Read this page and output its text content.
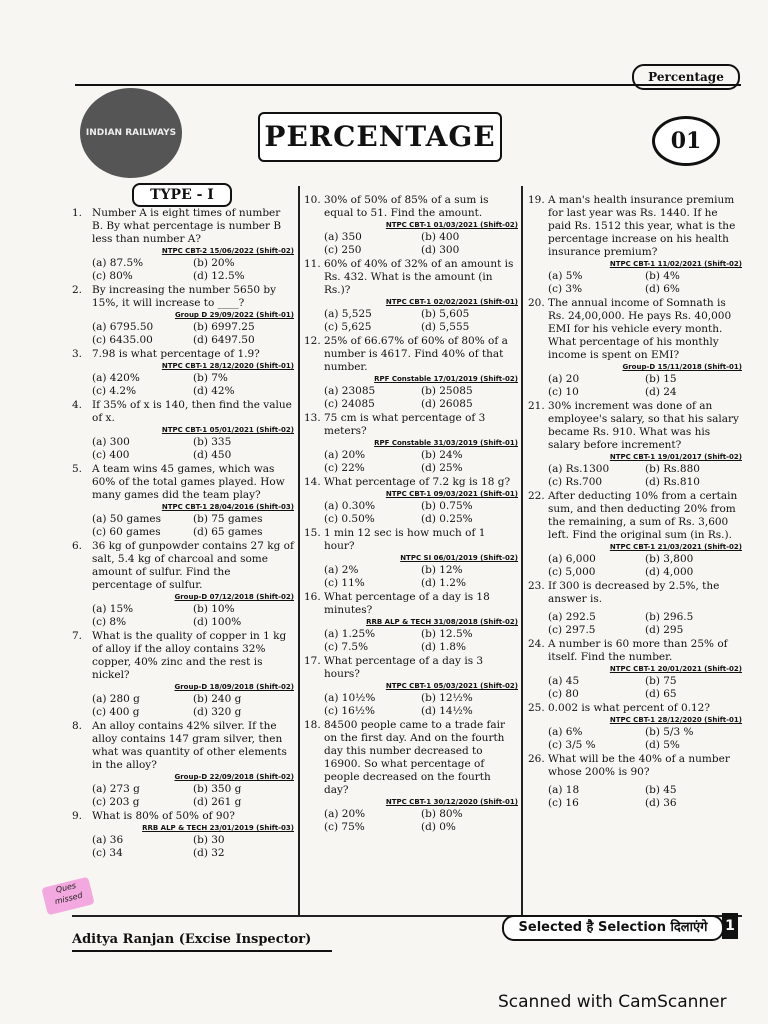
Percentage
INDIAN RAILWAYS	PERCENTAGE	01
TYPE - I
1. Number A is eight times of number B. By what percentage is number B less than number A?
NTPC CBT-2 15/06/2022 (Shift-02)
(a) 87.5%	(b) 20%
(c) 80%	(d) 12.5%
2. By increasing the number 5650 by 15%, it will increase to ____?
Group D 29/09/2022 (Shift-01)
(a) 6795.50	(b) 6997.25
(c) 6435.00	(d) 6497.50
3. 7.98 is what percentage of 1.9?
NTPC CBT-1 28/12/2020 (Shift-01)
(a) 420%	(b) 7%
(c) 4.2%	(d) 42%
4. If 35% of x is 140, then find the value of x.
NTPC CBT-1 05/01/2021 (Shift-02)
(a) 300	(b) 335
(c) 400	(d) 450
5. A team wins 45 games, which was 60% of the total games played. How many games did the team play?
NTPC CBT-1 28/04/2016 (Shift-03)
(a) 50 games	(b) 75 games
(c) 60 games	(d) 65 games
6. 36 kg of gunpowder contains 27 kg of salt, 5.4 kg of charcoal and some amount of sulfur. Find the percentage of sulfur.
Group-D 07/12/2018 (Shift-02)
(a) 15%	(b) 10%
(c) 8%	(d) 100%
7. What is the quality of copper in 1 kg of alloy if the alloy contains 32% copper, 40% zinc and the rest is nickel?
Group-D 18/09/2018 (Shift-02)
(a) 280 g	(b) 240 g
(c) 400 g	(d) 320 g
8. An alloy contains 42% silver. If the alloy contains 147 gram silver, then what was quantity of other elements in the alloy?
Group-D 22/09/2018 (Shift-02)
(a) 273 g	(b) 350 g
(c) 203 g	(d) 261 g
9. What is 80% of 50% of 90?
RRB ALP & TECH 23/01/2019 (Shift-03)
(a) 36	(b) 30
(c) 34	(d) 32
10. 30% of 50% of 85% of a sum is equal to 51. Find the amount.
NTPC CBT-1 01/03/2021 (Shift-02)
(a) 350	(b) 400
(c) 250	(d) 300
11. 60% of 40% of 32% of an amount is Rs. 432. What is the amount (in Rs.)?
NTPC CBT-1 02/02/2021 (Shift-01)
(a) 5,525	(b) 5,605
(c) 5,625	(d) 5,555
12. 25% of 66.67% of 60% of 80% of a number is 4617. Find 40% of that number.
RPF Constable 17/01/2019 (Shift-02)
(a) 23085	(b) 25085
(c) 24085	(d) 26085
13. 75 cm is what percentage of 3 meters?
RPF Constable 31/03/2019 (Shift-01)
(a) 20%	(b) 24%
(c) 22%	(d) 25%
14. What percentage of 7.2 kg is 18 g?
NTPC CBT-1 09/03/2021 (Shift-01)
(a) 0.30%	(b) 0.75%
(c) 0.50%	(d) 0.25%
15. 1 min 12 sec is how much of 1 hour?
NTPC SI 06/01/2019 (Shift-02)
(a) 2%	(b) 12%
(c) 11%	(d) 1.2%
16. What percentage of a day is 18 minutes?
RRB ALP & TECH 31/08/2018 (Shift-02)
(a) 1.25%	(b) 12.5%
(c) 7.5%	(d) 1.8%
17. What percentage of a day is 3 hours?
NTPC CBT-1 05/03/2021 (Shift-02)
(a) 10½%	(b) 12½%
(c) 16½%	(d) 14½%
18. 84500 people came to a trade fair on the first day. And on the fourth day this number decreased to 16900. So what percentage of people decreased on the fourth day?
NTPC CBT-1 30/12/2020 (Shift-01)
(a) 20%	(b) 80%
(c) 75%	(d) 0%
19. A man's health insurance premium for last year was Rs. 1440. If he paid Rs. 1512 this year, what is the percentage increase on his health insurance premium?
NTPC CBT-1 11/02/2021 (Shift-02)
(a) 5%	(b) 4%
(c) 3%	(d) 6%
20. The annual income of Somnath is Rs. 24,00,000. He pays Rs. 40,000 EMI for his vehicle every month. What percentage of his monthly income is spent on EMI?
Group-D 15/11/2018 (Shift-01)
(a) 20	(b) 15
(c) 10	(d) 24
21. 30% increment was done of an employee's salary, so that his salary became Rs. 910. What was his salary before increment?
NTPC CBT-1 19/01/2017 (Shift-02)
(a) Rs.1300	(b) Rs.880
(c) Rs.700	(d) Rs.810
22. After deducting 10% from a certain sum, and then deducting 20% from the remaining, a sum of Rs. 3,600 left. Find the original sum (in Rs.).
NTPC CBT-1 21/03/2021 (Shift-02)
(a) 6,000	(b) 3,800
(c) 5,000	(d) 4,000
23. If 300 is decreased by 2.5%, the answer is.
(a) 292.5	(b) 296.5
(c) 297.5	(d) 295
24. A number is 60 more than 25% of itself. Find the number.
NTPC CBT-1 20/01/2021 (Shift-02)
(a) 45	(b) 75
(c) 80	(d) 65
25. 0.002 is what percent of 0.12?
NTPC CBT-1 28/12/2020 (Shift-01)
(a) 6%	(b) 5/3 %
(c) 3/5 %	(d) 5%
26. What will be the 40% of a number whose 200% is 90?
(a) 18	(b) 45
(c) 16	(d) 36
Aditya Ranjan (Excise Inspector)
Selected है Selection दिलाएंगे	1
Ques missed
Scanned with CamScanner
